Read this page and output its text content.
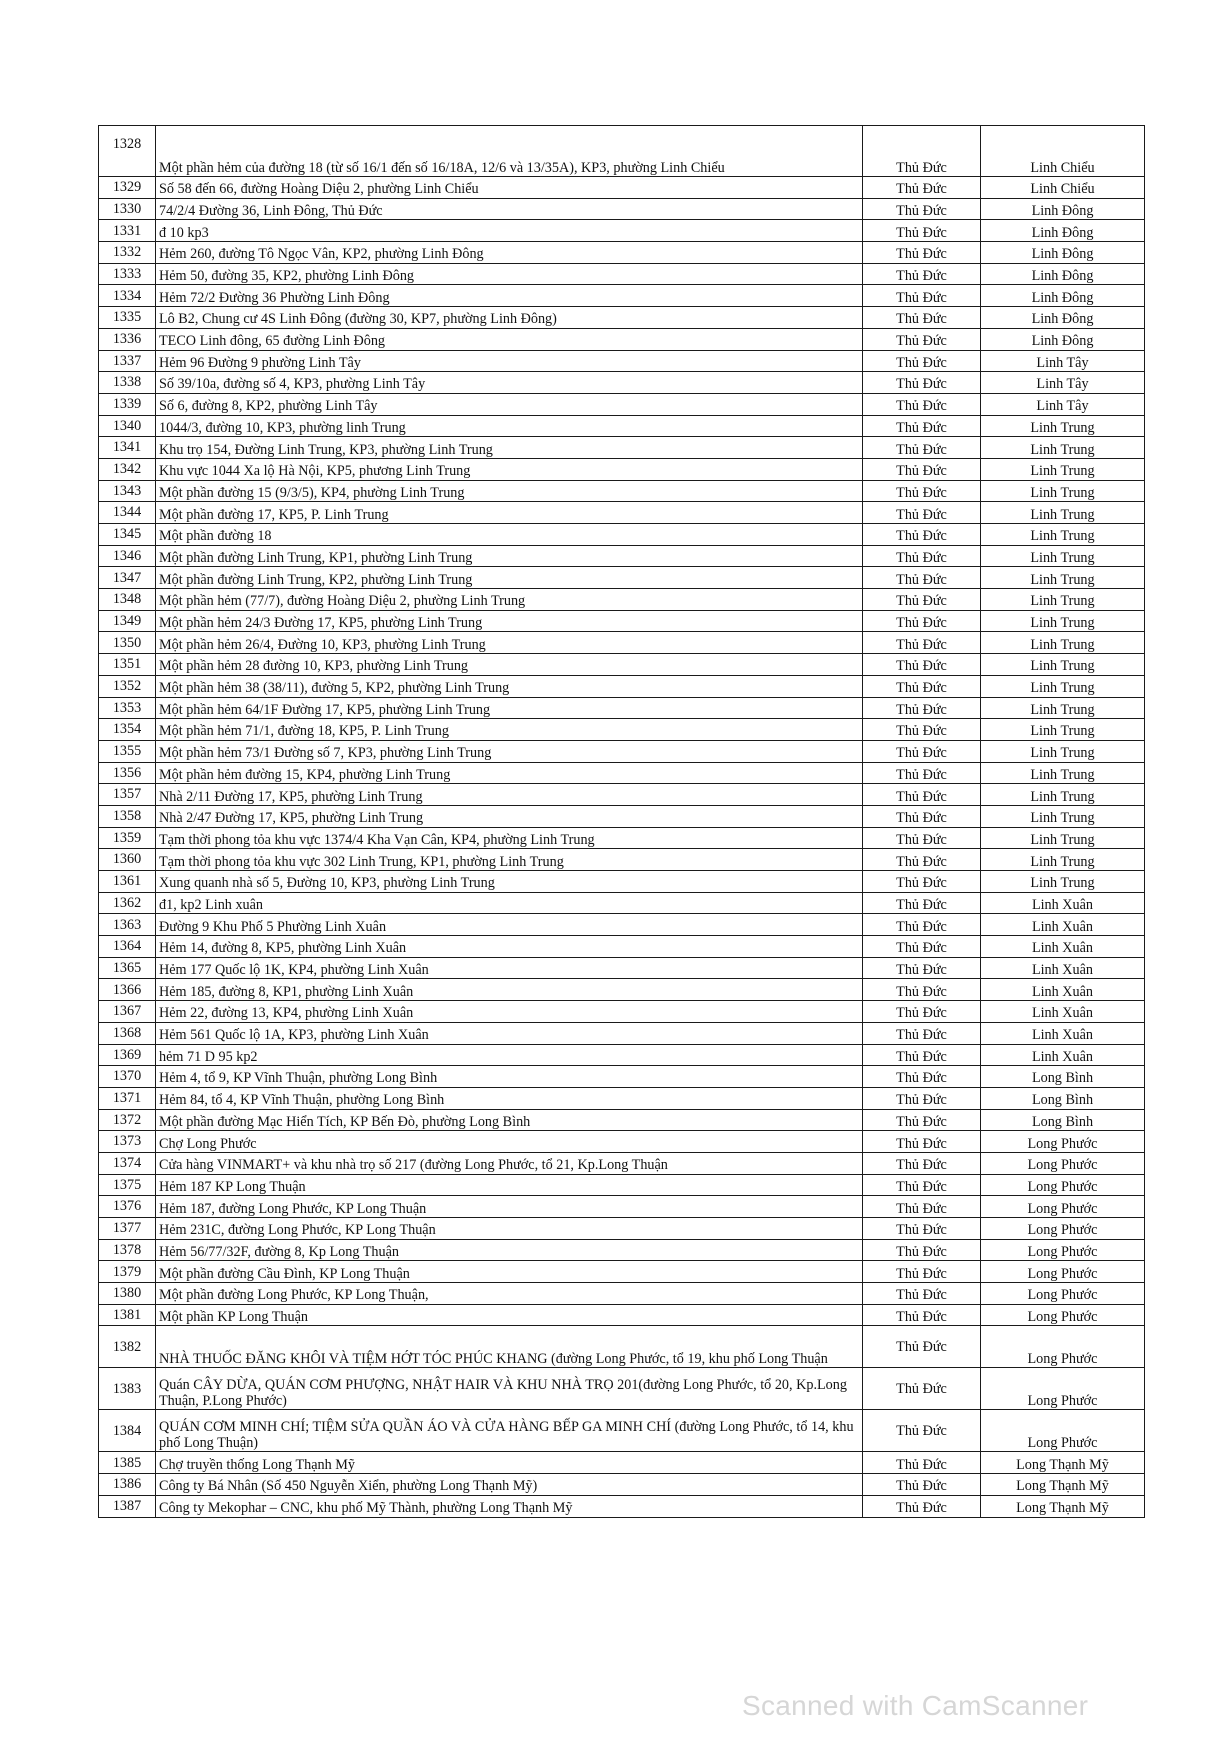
1328	Một phần hẻm của đường 18 (từ số 16/1 đến số 16/18A, 12/6 và 13/35A), KP3, phường Linh Chiểu	Thủ Đức	Linh Chiểu
1329	Số 58 đến 66, đường Hoàng Diệu 2, phường Linh Chiểu	Thủ Đức	Linh Chiểu
1330	74/2/4 Đường 36, Linh Đông, Thủ Đức	Thủ Đức	Linh Đông
1331	đ 10 kp3	Thủ Đức	Linh Đông
1332	Hẻm 260, đường Tô Ngọc Vân, KP2, phường Linh Đông	Thủ Đức	Linh Đông
1333	Hẻm 50, đường 35, KP2, phường Linh Đông	Thủ Đức	Linh Đông
1334	Hẻm 72/2 Đường 36 Phường Linh Đông	Thủ Đức	Linh Đông
1335	Lô B2, Chung cư 4S Linh Đông (đường 30, KP7, phường Linh Đông)	Thủ Đức	Linh Đông
1336	TECO Linh đông, 65 đường Linh Đông	Thủ Đức	Linh Đông
1337	Hẻm 96 Đường 9 phường Linh Tây	Thủ Đức	Linh Tây
1338	Số 39/10a, đường số 4, KP3, phường Linh Tây	Thủ Đức	Linh Tây
1339	Số 6, đường 8, KP2, phường Linh Tây	Thủ Đức	Linh Tây
1340	1044/3, đường 10, KP3, phường linh Trung	Thủ Đức	Linh Trung
1341	Khu trọ 154, Đường Linh Trung, KP3, phường Linh Trung	Thủ Đức	Linh Trung
1342	Khu vực 1044 Xa lộ Hà Nội, KP5, phương Linh Trung	Thủ Đức	Linh Trung
1343	Một phần đường 15 (9/3/5), KP4, phường Linh Trung	Thủ Đức	Linh Trung
1344	Một phần đường 17, KP5, P. Linh Trung	Thủ Đức	Linh Trung
1345	Một phần đường 18	Thủ Đức	Linh Trung
1346	Một phần đường Linh Trung, KP1, phường Linh Trung	Thủ Đức	Linh Trung
1347	Một phần đường Linh Trung, KP2, phường Linh Trung	Thủ Đức	Linh Trung
1348	Một phần hẻm (77/7), đường Hoàng Diệu 2, phường Linh Trung	Thủ Đức	Linh Trung
1349	Một phần hẻm 24/3 Đường 17, KP5, phường Linh Trung	Thủ Đức	Linh Trung
1350	Một phần hẻm 26/4, Đường 10, KP3, phường Linh Trung	Thủ Đức	Linh Trung
1351	Một phần hẻm 28 đường 10, KP3, phường Linh Trung	Thủ Đức	Linh Trung
1352	Một phần hẻm 38 (38/11), đường 5, KP2, phường Linh Trung	Thủ Đức	Linh Trung
1353	Một phần hẻm 64/1F Đường 17, KP5, phường Linh Trung	Thủ Đức	Linh Trung
1354	Một phần hẻm 71/1, đường 18, KP5, P. Linh Trung	Thủ Đức	Linh Trung
1355	Một phần hẻm 73/1 Đường số 7, KP3, phường Linh Trung	Thủ Đức	Linh Trung
1356	Một phần hẻm đường 15, KP4, phường Linh Trung	Thủ Đức	Linh Trung
1357	Nhà 2/11 Đường 17, KP5, phường Linh Trung	Thủ Đức	Linh Trung
1358	Nhà 2/47 Đường 17, KP5, phường Linh Trung	Thủ Đức	Linh Trung
1359	Tạm thời phong tỏa khu vực 1374/4 Kha Vạn Cân, KP4, phường Linh Trung	Thủ Đức	Linh Trung
1360	Tạm thời phong tỏa khu vực 302 Linh Trung, KP1, phường Linh Trung	Thủ Đức	Linh Trung
1361	Xung quanh nhà số 5, Đường 10, KP3, phường Linh Trung	Thủ Đức	Linh Trung
1362	đ1, kp2 Linh xuân	Thủ Đức	Linh Xuân
1363	Đường 9 Khu Phố 5 Phường Linh Xuân	Thủ Đức	Linh Xuân
1364	Hẻm 14, đường 8, KP5, phường Linh Xuân	Thủ Đức	Linh Xuân
1365	Hẻm 177 Quốc lộ 1K, KP4, phường Linh Xuân	Thủ Đức	Linh Xuân
1366	Hẻm 185, đường 8, KP1, phường Linh Xuân	Thủ Đức	Linh Xuân
1367	Hẻm 22, đường 13, KP4, phường Linh Xuân	Thủ Đức	Linh Xuân
1368	Hẻm 561 Quốc lộ 1A, KP3, phường Linh Xuân	Thủ Đức	Linh Xuân
1369	hẻm 71 D 95 kp2	Thủ Đức	Linh Xuân
1370	Hẻm 4, tổ 9, KP Vĩnh Thuận, phường Long Bình	Thủ Đức	Long Bình
1371	Hẻm 84, tổ 4, KP Vĩnh Thuận, phường Long Bình	Thủ Đức	Long Bình
1372	Một phần đường Mạc Hiển Tích, KP Bến Đò, phường Long Bình	Thủ Đức	Long Bình
1373	Chợ Long Phước	Thủ Đức	Long Phước
1374	Cửa hàng VINMART+ và khu nhà trọ số 217 (đường Long Phước, tổ 21, Kp.Long Thuận	Thủ Đức	Long Phước
1375	Hẻm 187 KP Long Thuận	Thủ Đức	Long Phước
1376	Hẻm 187, đường Long Phước, KP Long Thuận	Thủ Đức	Long Phước
1377	Hẻm 231C, đường Long Phước, KP Long Thuận	Thủ Đức	Long Phước
1378	Hẻm 56/77/32F, đường 8, Kp Long Thuận	Thủ Đức	Long Phước
1379	Một phần đường Cầu Đình, KP Long Thuận	Thủ Đức	Long Phước
1380	Một phần đường Long Phước, KP Long Thuận,	Thủ Đức	Long Phước
1381	Một phần KP Long Thuận	Thủ Đức	Long Phước
1382	NHÀ THUỐC ĐĂNG KHÔI VÀ TIỆM HỚT TÓC PHÚC KHANG (đường Long Phước, tổ 19, khu phố Long Thuận	Thủ Đức	Long Phước
1383	Quán CÂY DỪA, QUÁN CƠM PHƯỢNG, NHẬT HAIR VÀ KHU NHÀ TRỌ 201(đường Long Phước, tổ 20, Kp.Long Thuận, P.Long Phước)	Thủ Đức	Long Phước
1384	QUÁN CƠM MINH CHÍ; TIỆM SỬA QUẦN ÁO VÀ CỬA HÀNG BẾP GA MINH CHÍ (đường Long Phước, tổ 14, khu phố Long Thuận)	Thủ Đức	Long Phước
1385	Chợ truyền thống Long Thạnh Mỹ	Thủ Đức	Long Thạnh Mỹ
1386	Công ty Bá Nhân (Số 450 Nguyễn Xiển, phường Long Thạnh Mỹ)	Thủ Đức	Long Thạnh Mỹ
1387	Công ty Mekophar – CNC, khu phố Mỹ Thành, phường Long Thạnh Mỹ	Thủ Đức	Long Thạnh Mỹ
Scanned with CamScanner
